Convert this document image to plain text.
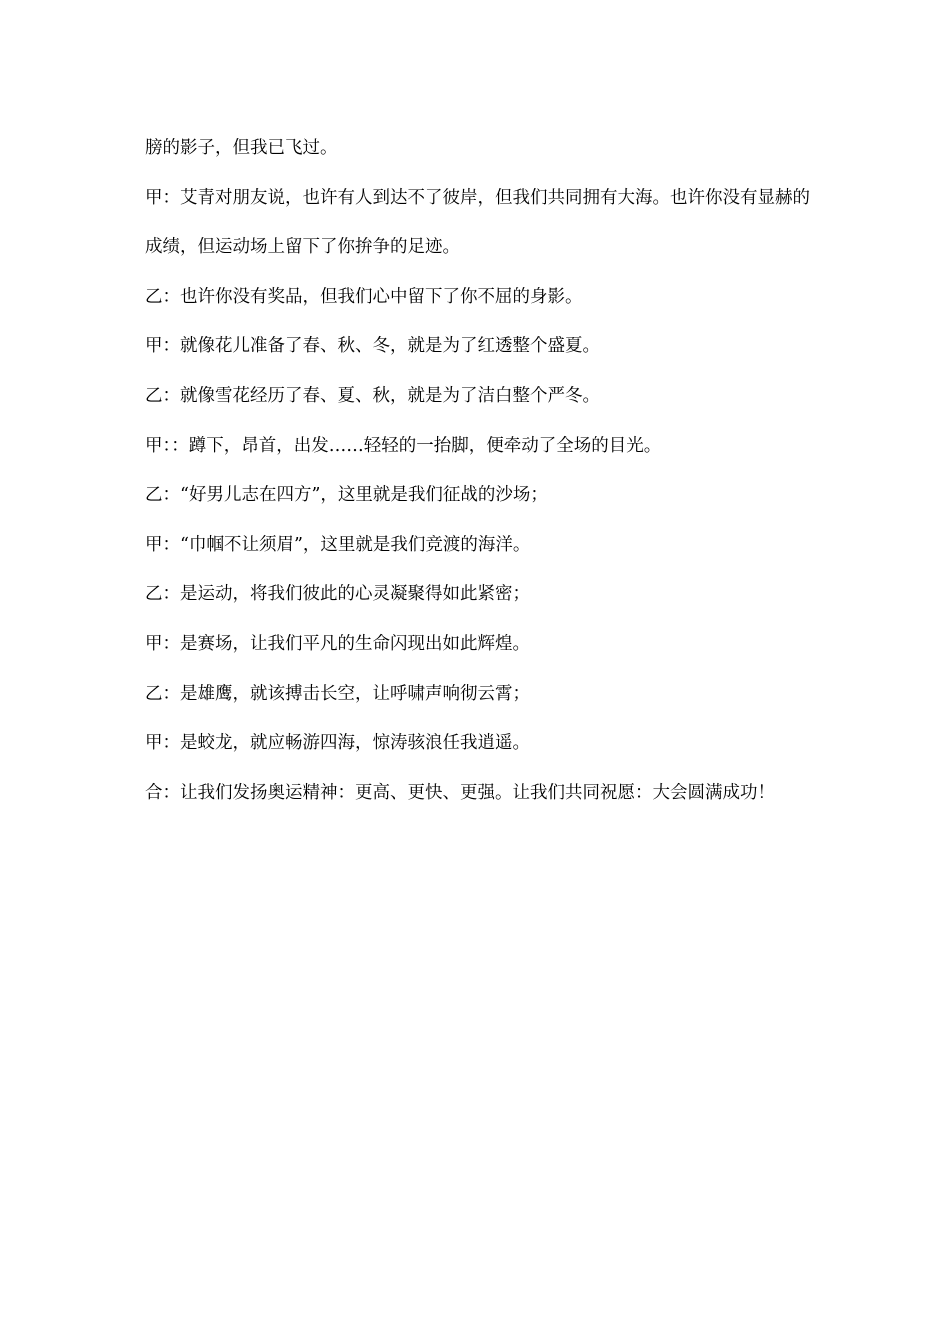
膀的影子，但我已飞过。

甲：艾青对朋友说，也许有人到达不了彼岸，但我们共同拥有大海。也许你没有显赫的成绩，但运动场上留下了你拚争的足迹。

乙：也许你没有奖品，但我们心中留下了你不屈的身影。

甲：就像花儿准备了春、秋、冬，就是为了红透整个盛夏。

乙：就像雪花经历了春、夏、秋，就是为了洁白整个严冬。

甲：：蹲下，昂首，出发……轻轻的一抬脚，便牵动了全场的目光。

乙：“好男儿志在四方”，这里就是我们征战的沙场；

甲：“巾帼不让须眉”，这里就是我们竞渡的海洋。

乙：是运动，将我们彼此的心灵凝聚得如此紧密；

甲：是赛场，让我们平凡的生命闪现出如此辉煌。

乙：是雄鹰，就该搏击长空，让呼啸声响彻云霄；

甲：是蛟龙，就应畅游四海，惊涛骇浪任我逍遥。

合：让我们发扬奥运精神：更高、更快、更强。让我们共同祝愿：大会圆满成功！
